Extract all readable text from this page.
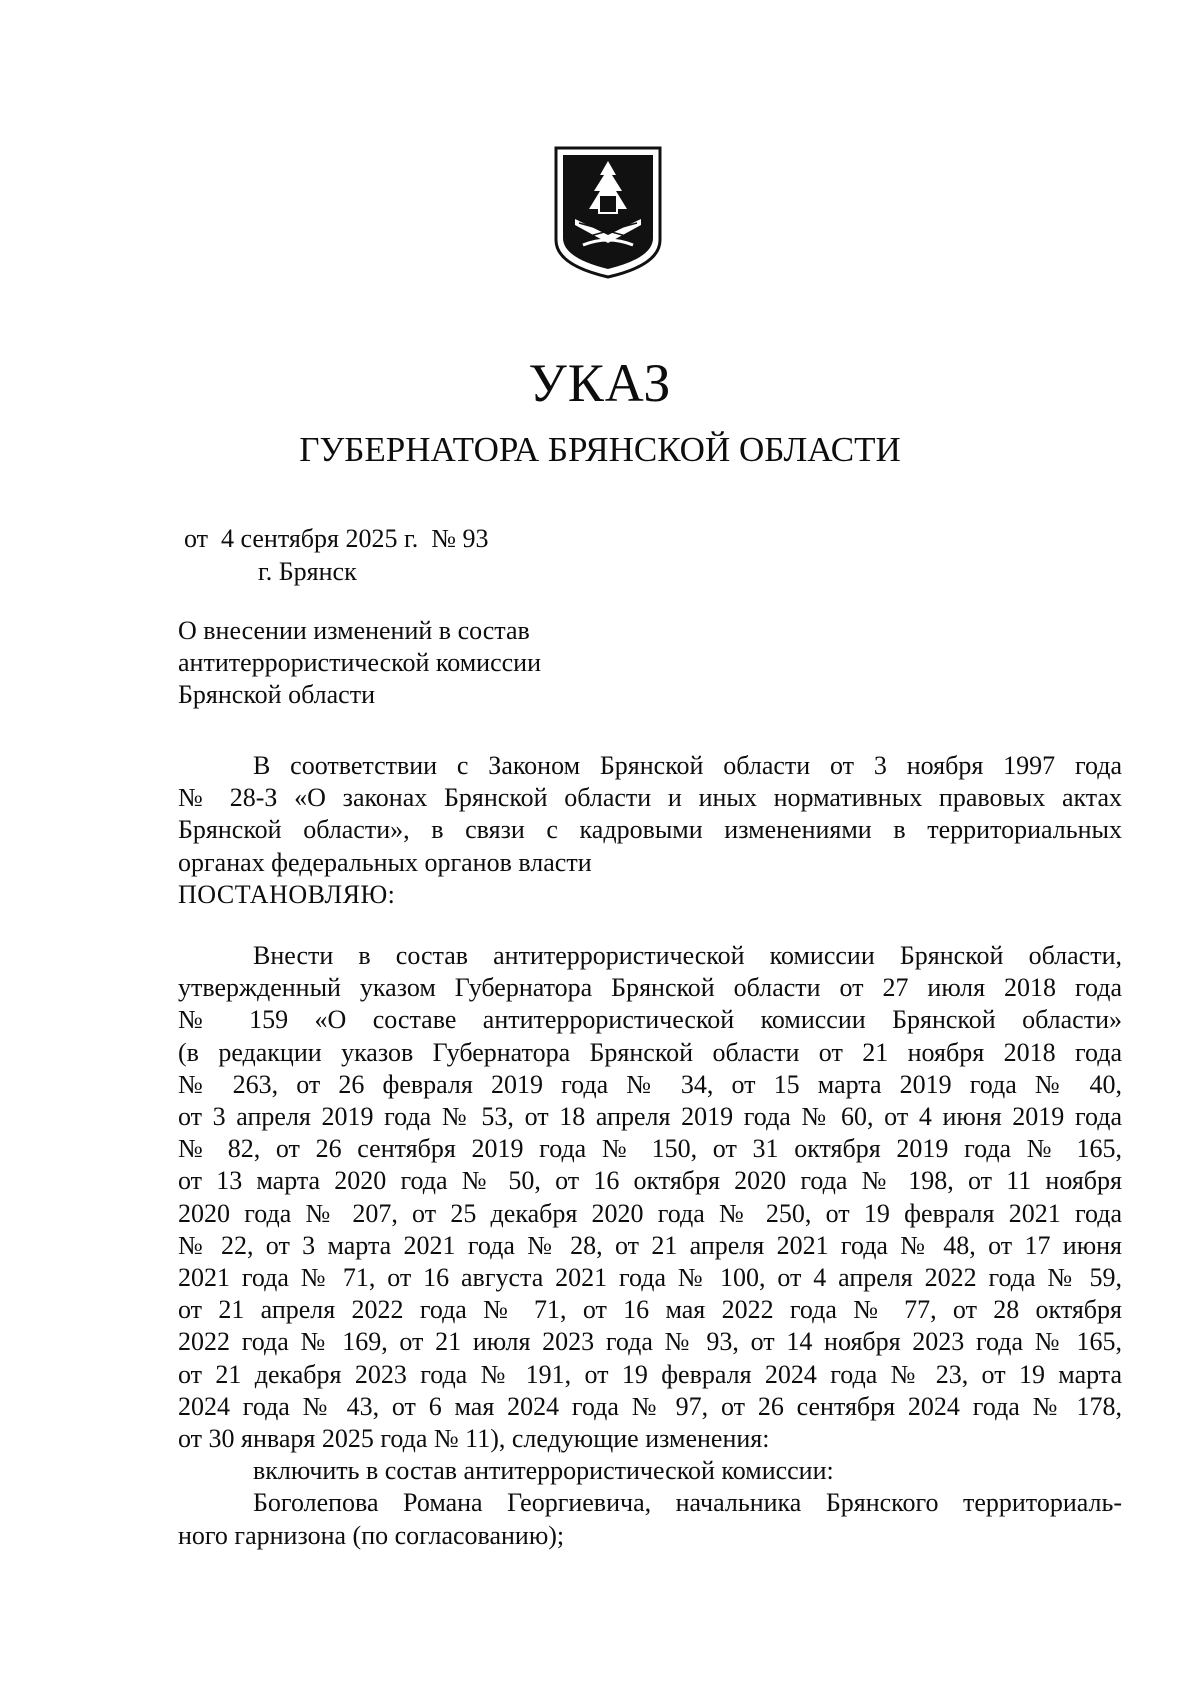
УКАЗ
ГУБЕРНАТОРА БРЯНСКОЙ ОБЛАСТИ
от  4 сентября 2025 г.  № 93
г. Брянск
О внесении изменений в состав
антитеррористической комиссии
Брянской области
В соответствии с Законом Брянской области от 3 ноября 1997 года
№ 28-З «О законах Брянской области и иных нормативных правовых актах
Брянской области», в связи с кадровыми изменениями в территориальных
органах федеральных органов власти
ПОСТАНОВЛЯЮ:
Внести в состав антитеррористической комиссии Брянской области,
утвержденный указом Губернатора Брянской области от 27 июля 2018 года
№ 159 «О составе антитеррористической комиссии Брянской области»
(в редакции указов Губернатора Брянской области от 21 ноября 2018 года
№ 263, от 26 февраля 2019 года № 34, от 15 марта 2019 года № 40,
от 3 апреля 2019 года № 53, от 18 апреля 2019 года № 60, от 4 июня 2019 года
№ 82, от 26 сентября 2019 года № 150, от 31 октября 2019 года № 165,
от 13 марта 2020 года № 50, от 16 октября 2020 года № 198, от 11 ноября
2020 года № 207, от 25 декабря 2020 года № 250, от 19 февраля 2021 года
№ 22, от 3 марта 2021 года № 28, от 21 апреля 2021 года № 48, от 17 июня
2021 года № 71, от 16 августа 2021 года № 100, от 4 апреля 2022 года № 59,
от 21 апреля 2022 года № 71, от 16 мая 2022 года № 77, от 28 октября
2022 года № 169, от 21 июля 2023 года № 93, от 14 ноября 2023 года № 165,
от 21 декабря 2023 года № 191, от 19 февраля 2024 года № 23, от 19 марта
2024 года № 43, от 6 мая 2024 года № 97, от 26 сентября 2024 года № 178,
от 30 января 2025 года № 11), следующие изменения:
включить в состав антитеррористической комиссии:
Боголепова Романа Георгиевича, начальника Брянского территориаль-
ного гарнизона (по согласованию);
